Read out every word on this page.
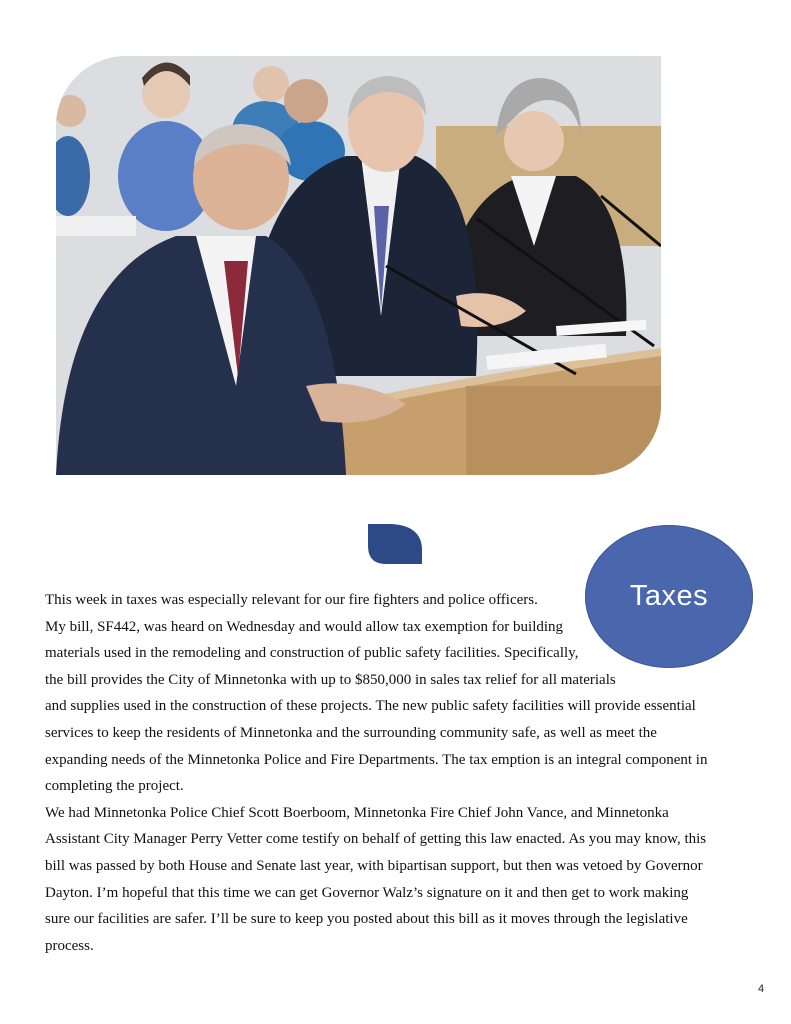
Taxes
This week in taxes was especially relevant for our fire fighters and police officers.
My bill, SF442, was heard on Wednesday and would allow tax exemption for building
materials used in the remodeling and construction of public safety facilities. Specifically,
the bill provides the City of Minnetonka with up to $850,000 in sales tax relief for all materials
and supplies used in the construction of these projects. The new public safety facilities will provide essential
services to keep the residents of Minnetonka and the surrounding community safe, as well as meet the
expanding needs of the Minnetonka Police and Fire Departments. The tax emption is an integral component in
completing the project.
We had Minnetonka Police Chief Scott Boerboom, Minnetonka Fire Chief John Vance, and Minnetonka
Assistant City Manager Perry Vetter come testify on behalf of getting this law enacted. As you may know, this
bill was passed by both House and Senate last year, with bipartisan support, but then was vetoed by Governor
Dayton. I’m hopeful that this time we can get Governor Walz’s signature on it and then get to work making
sure our facilities are safer. I’ll be sure to keep you posted about this bill as it moves through the legislative
process.
4
